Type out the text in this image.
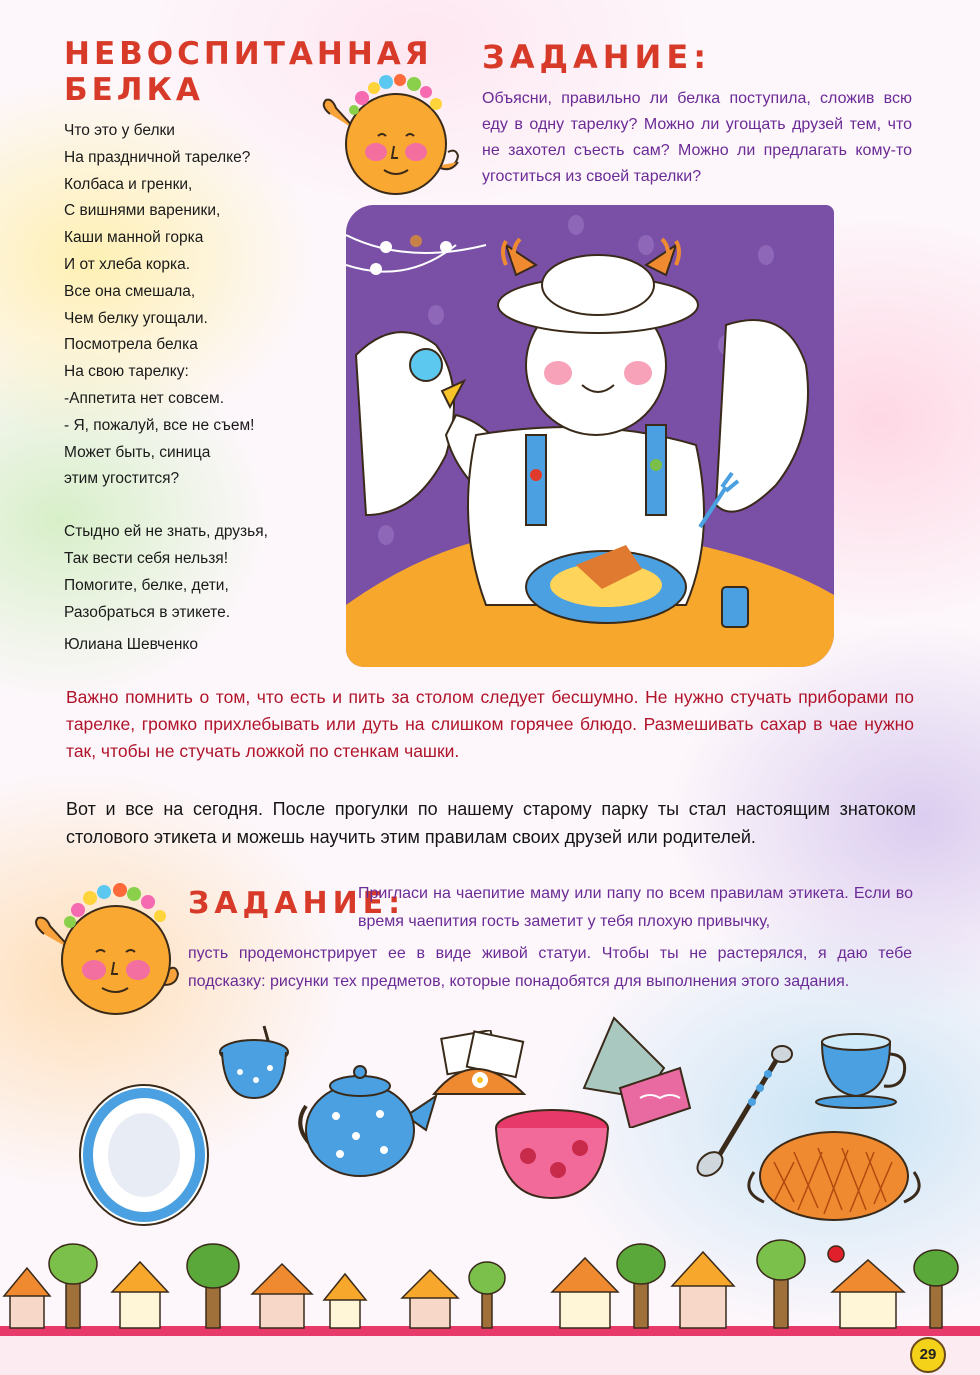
НЕВОСПИТАННАЯ БЕЛКА
Что это у белки
На праздничной тарелке?
Колбаса и гренки,
С вишнями вареники,
Каши манной горка
И от хлеба корка.
Все она смешала,
Чем белку угощали.
Посмотрела белка
На свою тарелку:
-Аппетита нет совсем.
- Я, пожалуй, все не съем!
Может быть, синица
этим угостится?
Стыдно ей не знать, друзья,
Так вести себя нельзя!
Помогите, белке, дети,
Разобраться в этикете.
Юлиана Шевченко
ЗАДАНИЕ:
Объясни, правильно ли белка поступила, сложив всю еду в одну тарелку? Можно ли угощать друзей тем, что не захотел съесть сам? Можно ли предлагать кому-то угоститься из своей тарелки?
Важно помнить о том, что есть и пить за столом следует бесшумно. Не нужно стучать приборами по тарелке, громко прихлебывать или дуть на слишком горячее блюдо. Размешивать сахар в чае нужно так, чтобы не стучать ложкой по стенкам чашки.
Вот и все на сегодня. После прогулки по нашему старому парку ты стал настоящим знатоком столового этикета и можешь научить этим правилам своих друзей или родителей.
ЗАДАНИЕ:
Пригласи на чаепитие маму или папу по всем правилам этикета. Если во время чаепития гость заметит у тебя плохую привычку,
пусть продемонстрирует ее в виде живой статуи. Чтобы ты не растерялся, я даю тебе подсказку: рисунки тех предметов, которые понадобятся для выполнения этого задания.
29
